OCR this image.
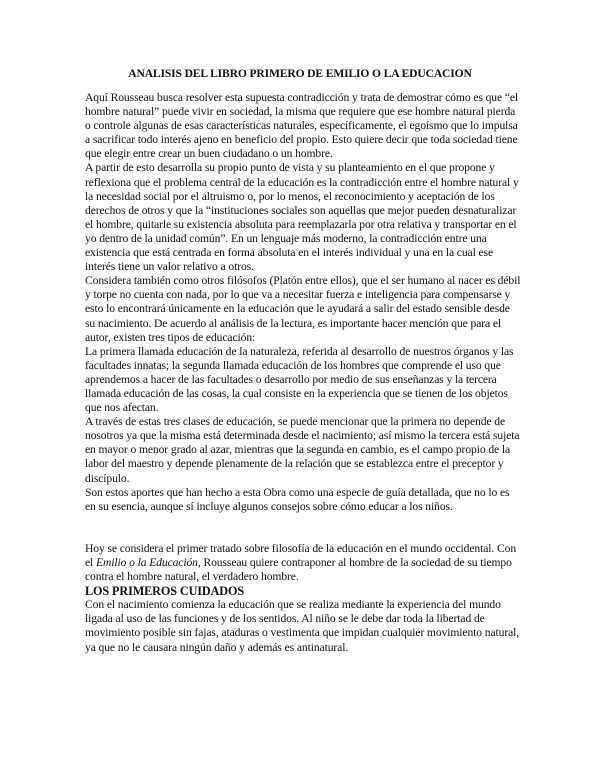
ANALISIS DEL LIBRO PRIMERO DE EMILIO O LA EDUCACION

Aquí Rousseau busca resolver esta supuesta contradicción y trata de demostrar cómo es que “el hombre natural” puede vivir en sociedad, la misma que requiere que ese hombre natural pierda o controle algunas de esas características naturales, específicamente, el egoísmo que lo impulsa a sacrificar todo interés ajeno en beneficio del propio. Esto quiere decir que toda sociedad tiene que elegir entre crear un buen ciudadano o un hombre.

A partir de esto desarrolla su propio punto de vista y su planteamiento en el que propone y reflexiona que el problema central de la educación es la contradicción entre el hombre natural y la necesidad social por el altruismo o, por lo menos, el reconocimiento y aceptación de los derechos de otros y que la “instituciones sociales son aquellas que mejor pueden desnaturalizar el hombre, quitarle su existencia absoluta para reemplazarla por otra relativa y transportar en el yo dentro de la unidad común”. En un lenguaje más moderno, la contradicción entre una existencia que está centrada en forma absoluta en el interés individual y una en la cual ese interés tiene un valor relativo a otros.

Considera también como otros filósofos (Platón entre ellos), que el ser humano al nacer es débil y torpe no cuenta con nada, por lo que va a necesitar fuerza e inteligencia para compensarse y esto lo encontrará únicamente en la educación que le ayudará a salir del estado sensible desde su nacimiento. De acuerdo al análisis de la lectura, es importante hacer mención que para el autor, existen tres tipos de educación:

La primera llamada educación de la naturaleza, referida al desarrollo de nuestros órganos y las facultades innatas; la segunda llamada educación de los hombres que comprende el uso que aprendemos a hacer de las facultades o desarrollo por medio de sus enseñanzas y la tercera llamada educación de las cosas, la cual consiste en la experiencia que se tienen de los objetos que nos afectan.

A través de estas tres clases de educación, se puede mencionar que la primera no depende de nosotros ya que la misma está determinada desde el nacimiento; así mismo la tercera está sujeta en mayor o menor grado al azar, mientras que la segunda en cambio, es el campo propio de la labor del maestro y depende plenamente de la relación que se establezca entre el preceptor y discípulo.

Son estos aportes que han hecho a esta Obra como una especie de guía detallada, que no lo es en su esencia, aunque sí incluye algunos consejos sobre cómo educar a los niños.

Hoy se considera el primer tratado sobre filosofía de la educación en el mundo occidental. Con el Emilio o la Educación, Rousseau quiere contraponer al hombre de la sociedad de su tiempo contra el hombre natural, el verdadero hombre.

LOS PRIMEROS CUIDADOS

Con el nacimiento comienza la educación que se realiza mediante la experiencia del mundo ligada al uso de las funciones y de los sentidos. Al niño se le debe dar toda la libertad de movimiento posible sin fajas, ataduras o vestimenta que impidan cualquier movimiento natural, ya que no le causara ningún daño y además es antinatural.
